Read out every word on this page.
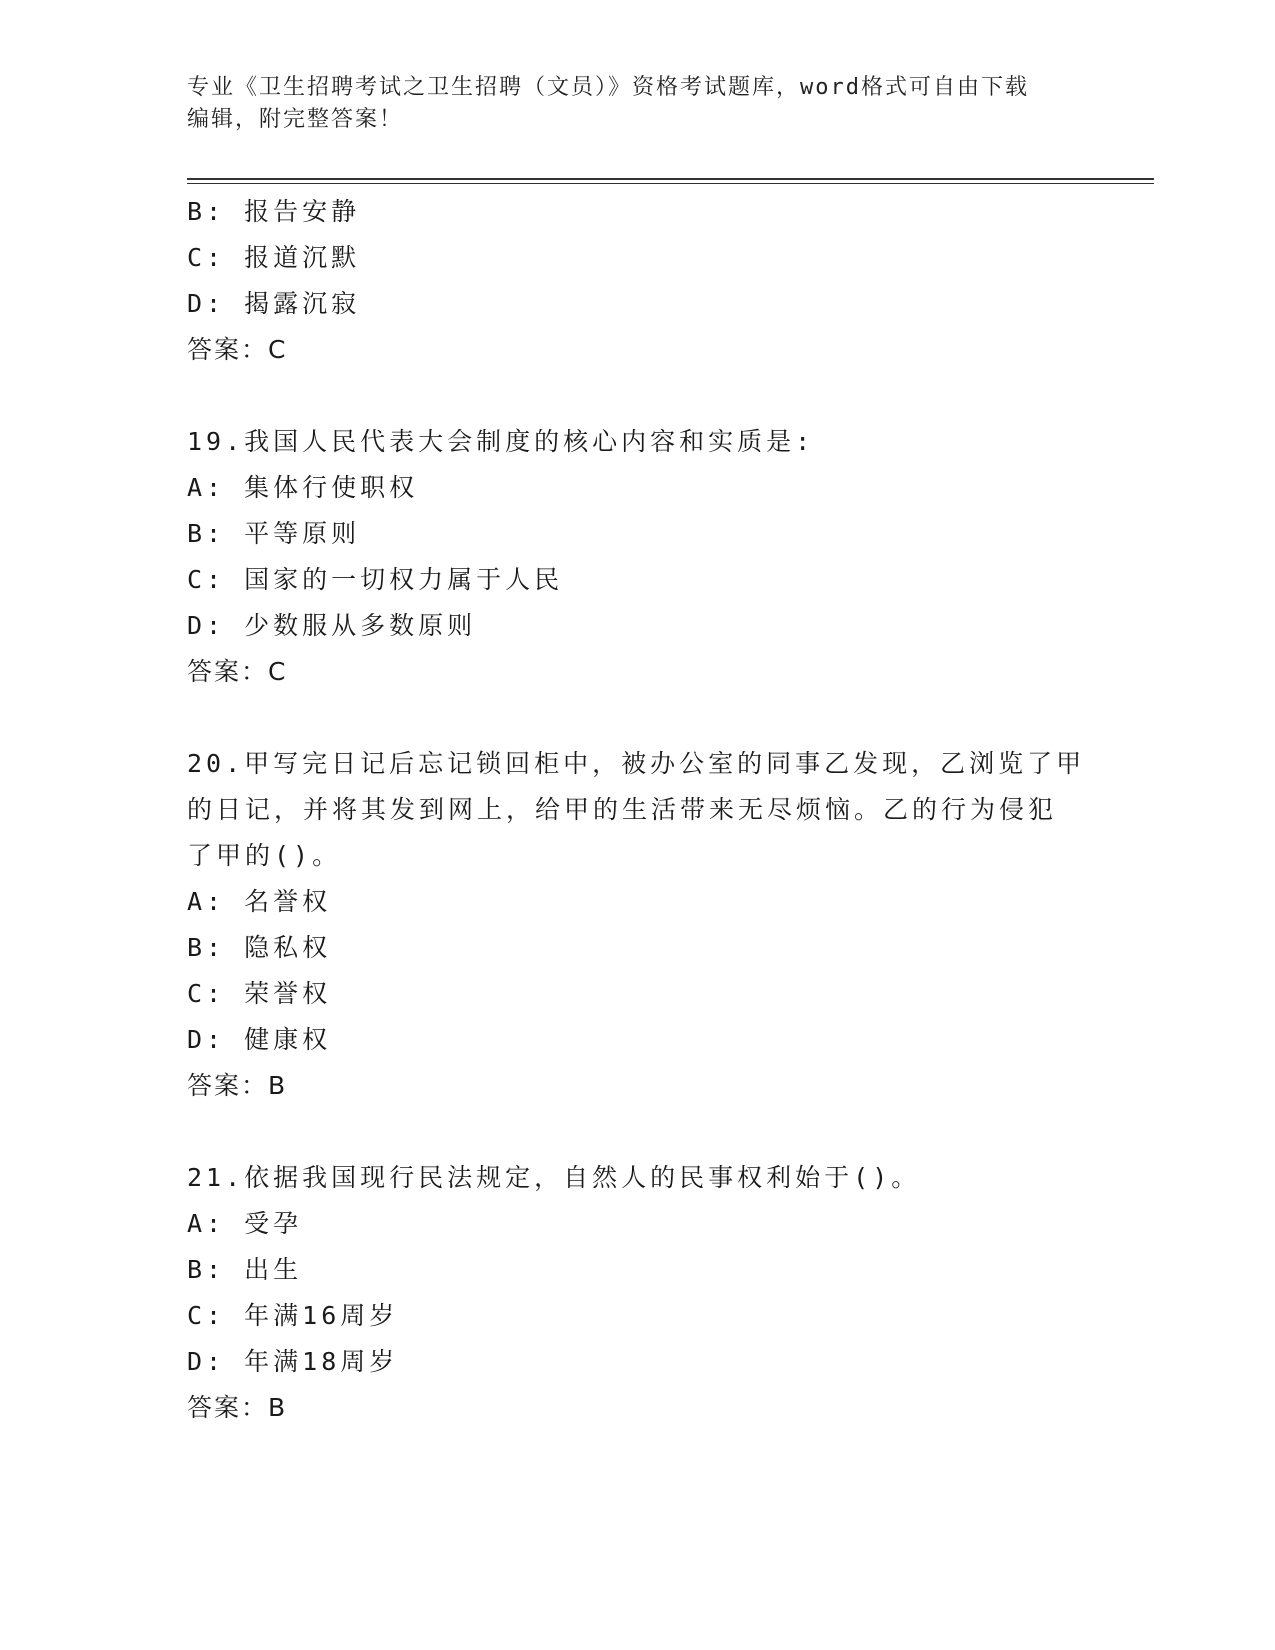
专业《卫生招聘考试之卫生招聘（文员）》资格考试题库，word格式可自由下载
编辑，附完整答案！
B: 报告安静
C: 报道沉默
D: 揭露沉寂
答案：C
19.我国人民代表大会制度的核心内容和实质是:
A: 集体行使职权
B: 平等原则
C: 国家的一切权力属于人民
D: 少数服从多数原则
答案：C
20.甲写完日记后忘记锁回柜中，被办公室的同事乙发现，乙浏览了甲
的日记，并将其发到网上，给甲的生活带来无尽烦恼。乙的行为侵犯
了甲的()。
A: 名誉权
B: 隐私权
C: 荣誉权
D: 健康权
答案：B
21.依据我国现行民法规定，自然人的民事权利始于()。
A: 受孕
B: 出生
C: 年满16周岁
D: 年满18周岁
答案：B
